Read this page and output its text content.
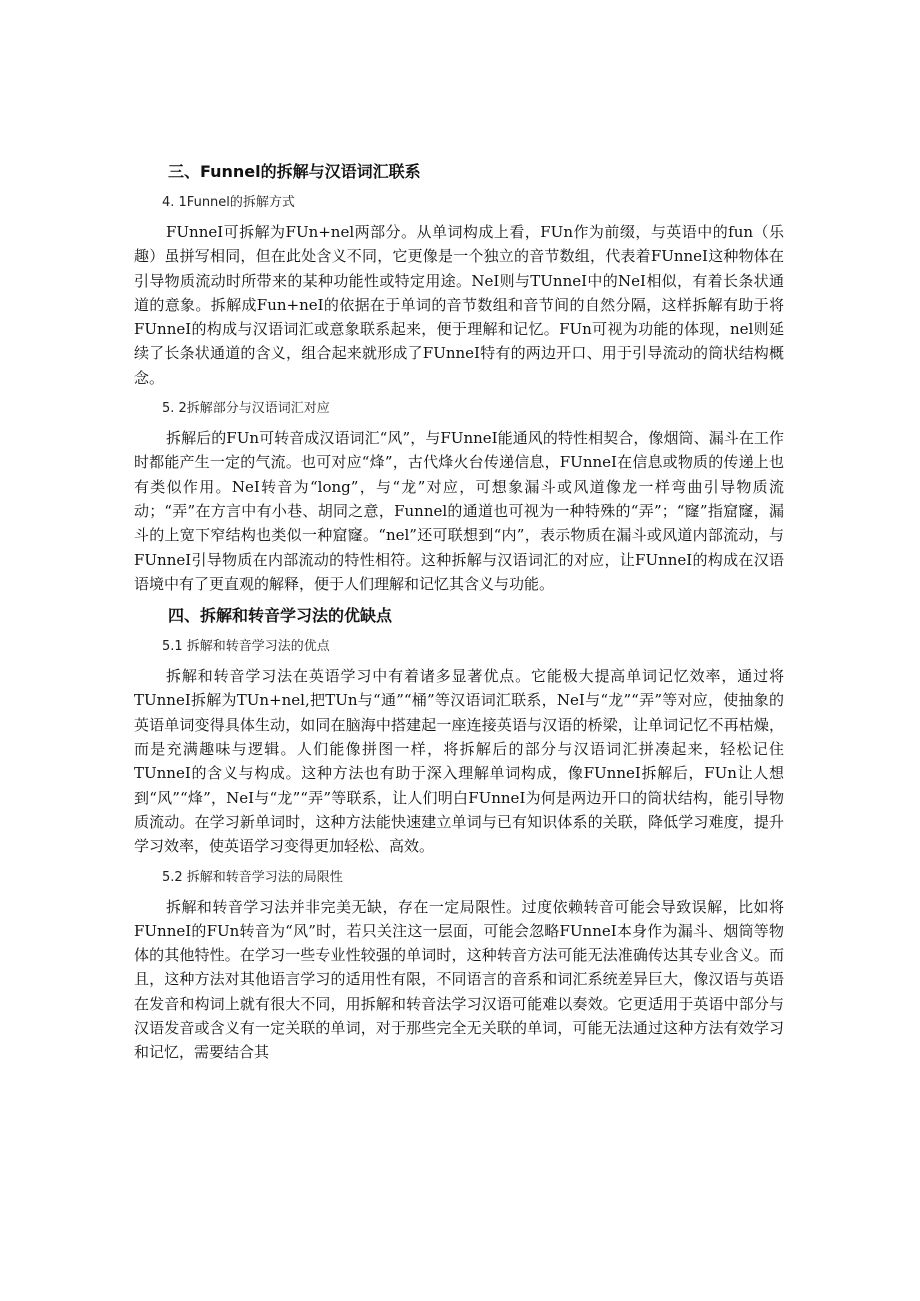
三、Funnel的拆解与汉语词汇联系
4. 1Funnel的拆解方式

FUnneI可拆解为FUn+nel两部分。从单词构成上看，FUn作为前缀，与英语中的fun（乐趣）虽拼写相同，但在此处含义不同，它更像是一个独立的音节数组，代表着FUnneI这种物体在引导物质流动时所带来的某种功能性或特定用途。NeI则与TUnneI中的NeI相似，有着长条状通道的意象。拆解成Fun+neI的依据在于单词的音节数组和音节间的自然分隔，这样拆解有助于将FUnneI的构成与汉语词汇或意象联系起来，便于理解和记忆。FUn可视为功能的体现，nel则延续了长条状通道的含义，组合起来就形成了FUnneI特有的两边开口、用于引导流动的筒状结构概念。

5. 2拆解部分与汉语词汇对应

拆解后的FUn可转音成汉语词汇“风”，与FUnneI能通风的特性相契合，像烟筒、漏斗在工作时都能产生一定的气流。也可对应“烽”，古代烽火台传递信息，FUnneI在信息或物质的传递上也有类似作用。NeI转音为“long”，与“龙”对应，可想象漏斗或风道像龙一样弯曲引导物质流动；“弄”在方言中有小巷、胡同之意，Funnel的通道也可视为一种特殊的“弄”；“窿”指窟窿，漏斗的上宽下窄结构也类似一种窟窿。“nel”还可联想到“内”，表示物质在漏斗或风道内部流动，与FUnneI引导物质在内部流动的特性相符。这种拆解与汉语词汇的对应，让FUnneI的构成在汉语语境中有了更直观的解释，便于人们理解和记忆其含义与功能。

四、拆解和转音学习法的优缺点
5.1 拆解和转音学习法的优点

拆解和转音学习法在英语学习中有着诸多显著优点。它能极大提高单词记忆效率，通过将TUnneI拆解为TUn+nel,把TUn与“通”“桶”等汉语词汇联系，NeI与“龙”“弄”等对应，使抽象的英语单词变得具体生动，如同在脑海中搭建起一座连接英语与汉语的桥梁，让单词记忆不再枯燥，而是充满趣味与逻辑。人们能像拼图一样，将拆解后的部分与汉语词汇拼凑起来，轻松记住TUnneI的含义与构成。这种方法也有助于深入理解单词构成，像FUnneI拆解后，FUn让人想到“风”“烽”，NeI与“龙”“弄”等联系，让人们明白FUnneI为何是两边开口的筒状结构，能引导物质流动。在学习新单词时，这种方法能快速建立单词与已有知识体系的关联，降低学习难度，提升学习效率，使英语学习变得更加轻松、高效。

5.2 拆解和转音学习法的局限性

拆解和转音学习法并非完美无缺，存在一定局限性。过度依赖转音可能会导致误解，比如将FUnneI的FUn转音为“风”时，若只关注这一层面，可能会忽略FUnneI本身作为漏斗、烟筒等物体的其他特性。在学习一些专业性较强的单词时，这种转音方法可能无法准确传达其专业含义。而且，这种方法对其他语言学习的适用性有限，不同语言的音系和词汇系统差异巨大，像汉语与英语在发音和构词上就有很大不同，用拆解和转音法学习汉语可能难以奏效。它更适用于英语中部分与汉语发音或含义有一定关联的单词，对于那些完全无关联的单词，可能无法通过这种方法有效学习和记忆，需要结合其
